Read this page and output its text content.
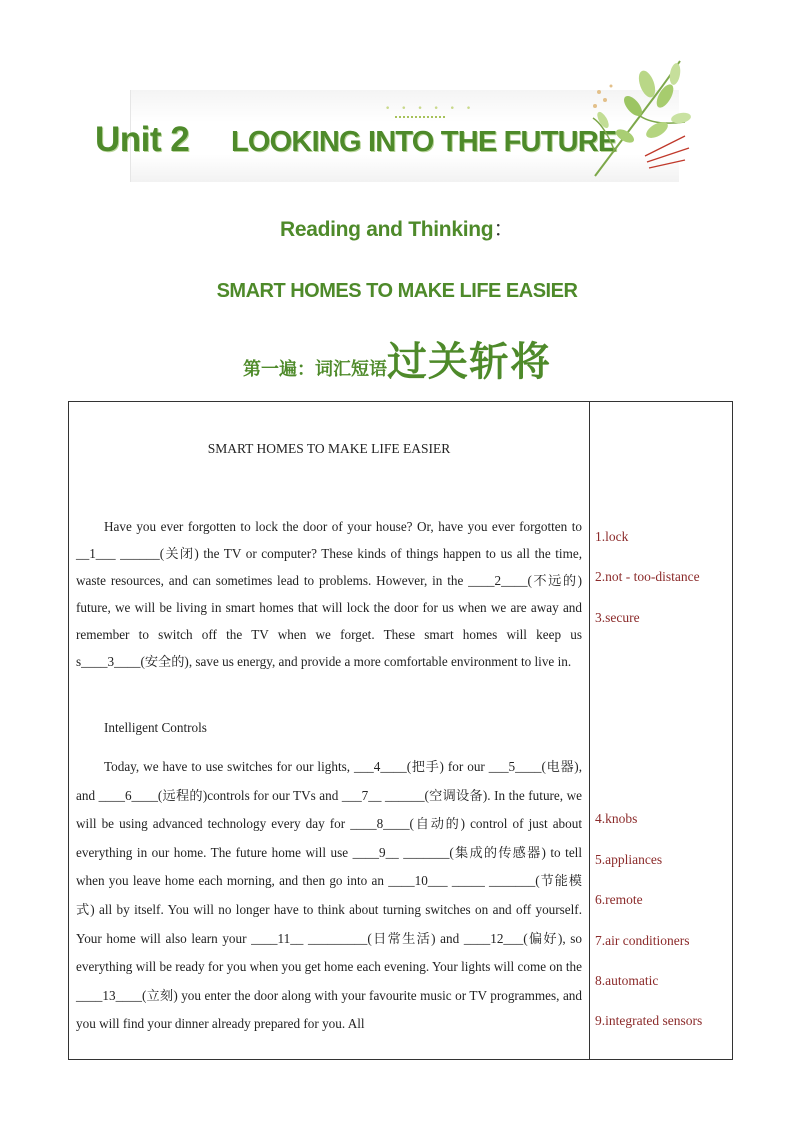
• • • • • •
Unit 2 LOOKING INTO THE FUTURE
Reading and Thinking：
SMART HOMES TO MAKE LIFE EASIER
第一遍：词汇短语过关斩将
SMART HOMES TO MAKE LIFE EASIER

Have you ever forgotten to lock the door of your house? Or, have you ever forgotten to __1___ ______(关闭) the TV or computer? These kinds of things happen to us all the time, waste resources, and can sometimes lead to problems. However, in the ____2____(不远的) future, we will be living in smart homes that will lock the door for us when we are away and remember to switch off the TV when we forget. These smart homes will keep us s____3____(安全的), save us energy, and provide a more comfortable environment to live in.

Intelligent Controls

Today, we have to use switches for our lights, ___4____(把手) for our ___5____(电器), and ____6____(远程的)controls for our TVs and ___7__ ______(空调设备). In the future, we will be using advanced technology every day for ____8____(自动的) control of just about everything in our home. The future home will use ____9__ _______(集成的传感器) to tell when you leave home each morning, and then go into an ____10___ _____ _______(节能模式) all by itself. You will no longer have to think about turning switches on and off yourself. Your home will also learn your ____11__ _________(日常生活) and ____12___(偏好), so everything will be ready for you when you get home each evening. Your lights will come on the ____13____(立刻) you enter the door along with your favourite music or TV programmes, and you will find your dinner already prepared for you. All

1.lock
2.not - too-distance
3.secure
4.knobs
5.appliances
6.remote
7.air conditioners
8.automatic
9.integrated sensors
